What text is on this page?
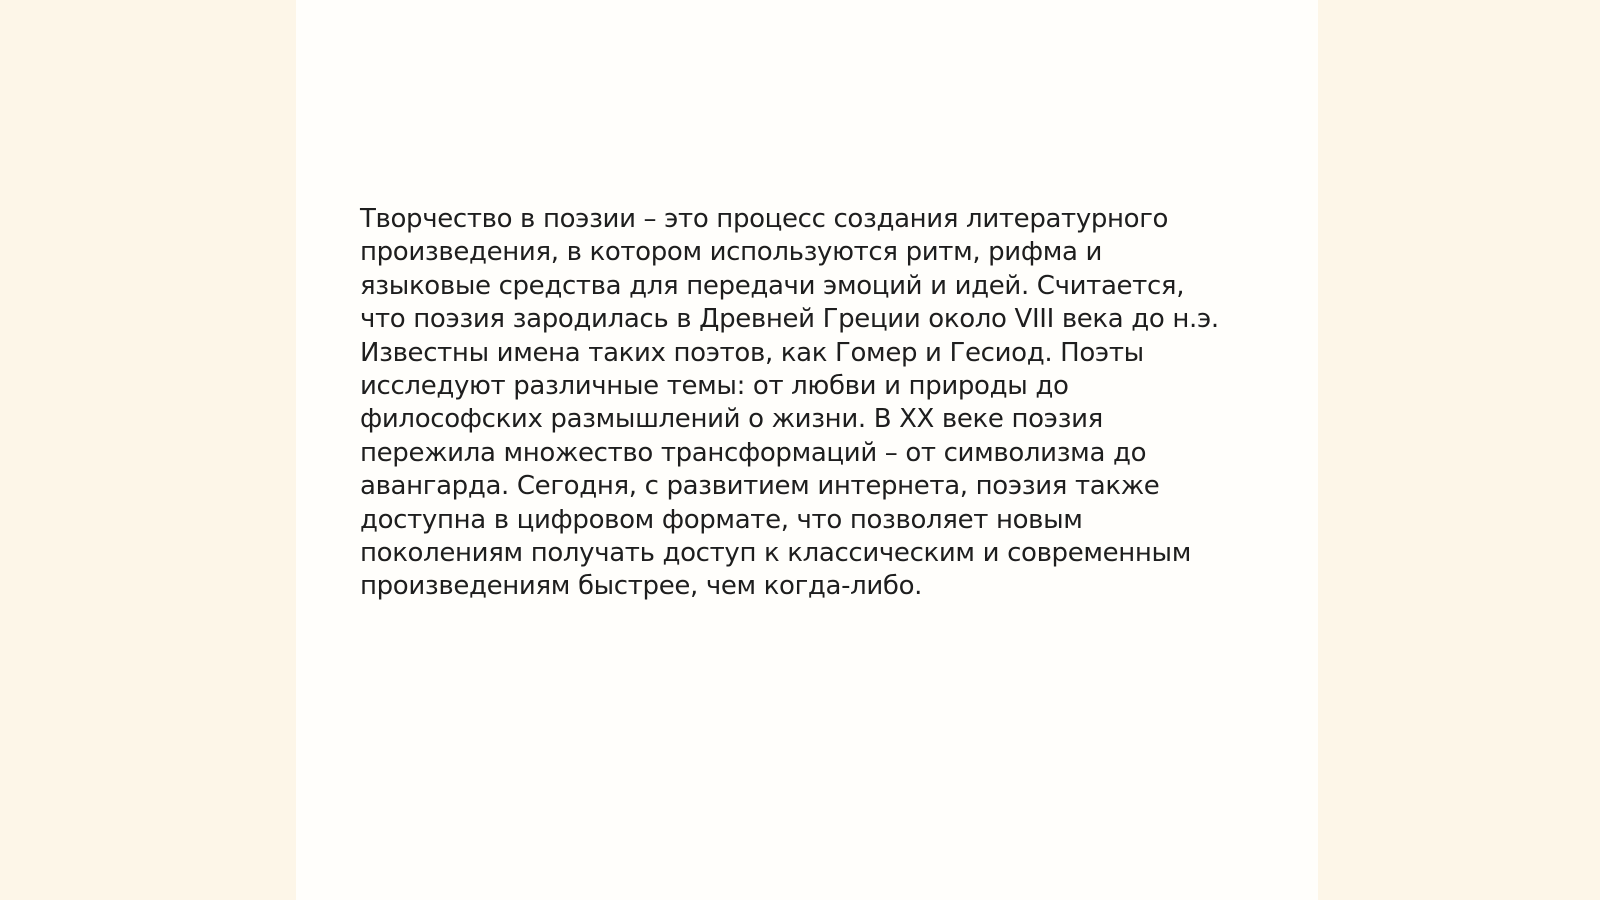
Творчество в поэзии – это процесс создания литературного
произведения, в котором используются ритм, рифма и
языковые средства для передачи эмоций и идей. Считается,
что поэзия зародилась в Древней Греции около VIII века до н.э.
Известны имена таких поэтов, как Гомер и Гесиод. Поэты
исследуют различные темы: от любви и природы до
философских размышлений о жизни. В XX веке поэзия
пережила множество трансформаций – от символизма до
авангарда. Сегодня, с развитием интернета, поэзия также
доступна в цифровом формате, что позволяет новым
поколениям получать доступ к классическим и современным
произведениям быстрее, чем когда-либо.
